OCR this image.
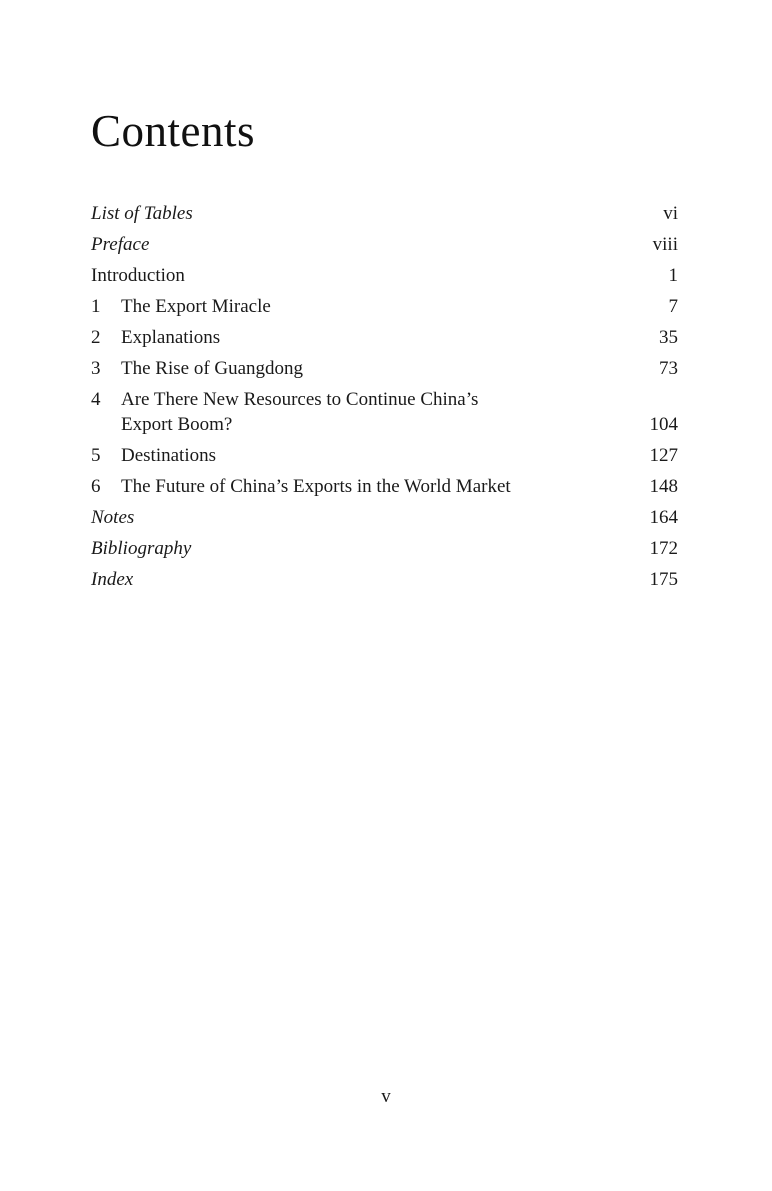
Contents
List of Tables	vi
Preface	viii
Introduction	1
1	The Export Miracle	7
2	Explanations	35
3	The Rise of Guangdong	73
4	Are There New Resources to Continue China’s Export Boom?	104
5	Destinations	127
6	The Future of China’s Exports in the World Market	148
Notes	164
Bibliography	172
Index	175
v
